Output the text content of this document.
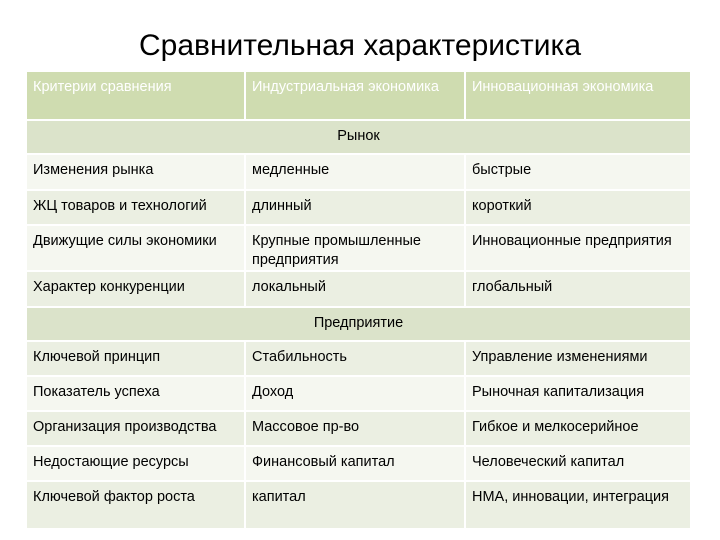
Сравнительная характеристика
Критерии сравнения	Индустриальная экономика	Инновационная экономика
Рынок		
Изменения рынка	медленные	быстрые
ЖЦ товаров и технологий	длинный	короткий
Движущие силы экономики	Крупные промышленные предприятия	Инновационные предприятия
Характер конкуренции	локальный	глобальный
Предприятие		
Ключевой принцип	Стабильность	Управление изменениями
Показатель успеха	Доход	Рыночная капитализация
Организация производства	Массовое пр-во	Гибкое и мелкосерийное
Недостающие ресурсы	Финансовый капитал	Человеческий капитал
Ключевой фактор роста	капитал	НМА, инновации, интеграция
